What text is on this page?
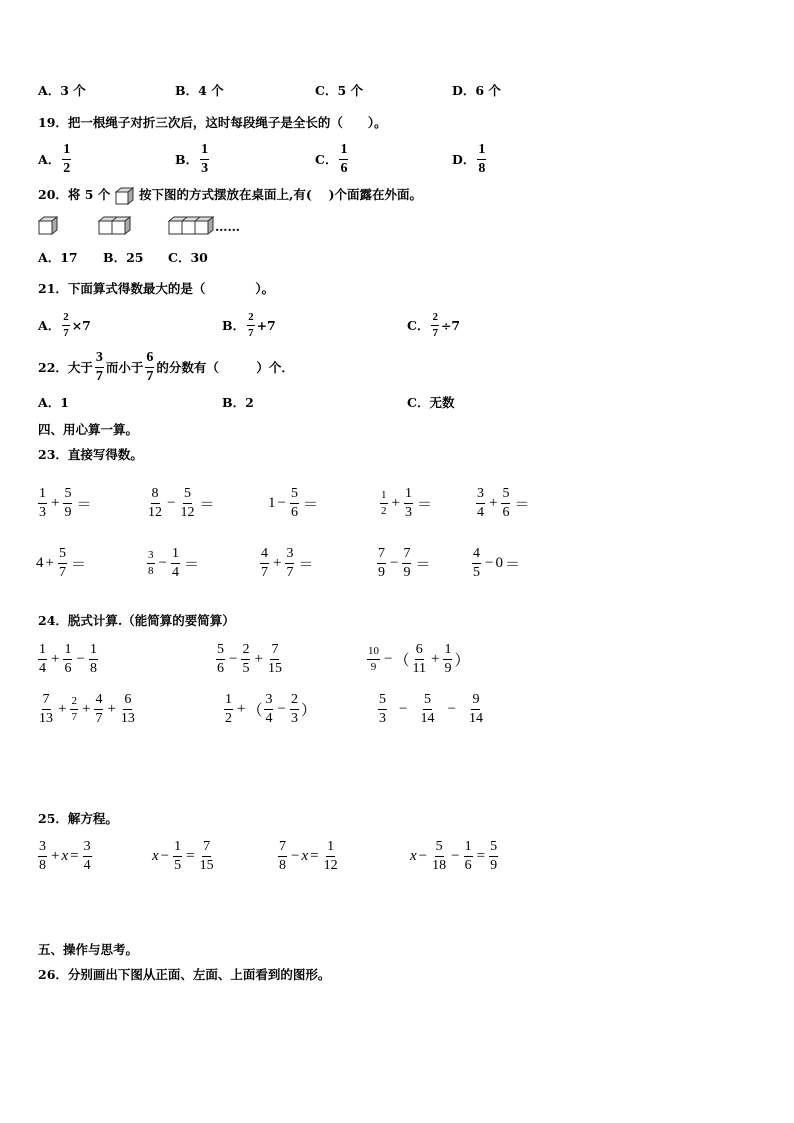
A．3 个	B．4 个	C．5 个	D．6 个
19．把一根绳子对折三次后，这时每段绳子是全长的（　　）。
A． $\frac{1}{2}$	B． $\frac{1}{3}$	C． $\frac{1}{6}$	D． $\frac{1}{8}$
20．将 5 个 按下图的方式摆放在桌面上,有(　 )个面露在外面。
……
A．17 B．25 C．30
21．下面算式得数最大的是（　　　　）。
A． $\frac{2}{7} \times 7$	B． $\frac{2}{7} +7$	C． $\frac{2}{7} \div 7$
22．大于 $\frac{3}{7}$ 而小于 $\frac{6}{7}$ 的分数有（　　　）个．
A．1	B．2	C．无数
四、用心算一算。
23．直接写得数。
$\frac{1}{3} + \frac{5}{9}$ ＝	$\frac{8}{12} - \frac{5}{12}$ ＝	$1 - \frac{5}{6}$ ＝	$\frac{1}{2} + \frac{1}{3}$ ＝	$\frac{3}{4} + \frac{5}{6}$ ＝
$4 + \frac{5}{7}$ ＝	$\frac{3}{8} - \frac{1}{4}$ ＝	$\frac{4}{7} + \frac{3}{7}$ ＝	$\frac{7}{9} - \frac{7}{9}$ ＝	$\frac{4}{5} - 0$ ＝
24．脱式计算.（能简算的要简算）
$\frac{1}{4} + \frac{1}{6} - \frac{1}{8}$	$\frac{5}{6} - \frac{2}{5} + \frac{7}{15}$	$\frac{10}{9}$ − （ $\frac{6}{11} + \frac{1}{9}$ ）
$\frac{7}{13} + \frac{2}{7} + \frac{4}{7} + \frac{6}{13}$	$\frac{1}{2}$ + （ $\frac{3}{4} - \frac{2}{3}$ ）	$\frac{5}{3} - \frac{5}{14} - \frac{9}{14}$
25．解方程。
$\frac{3}{8} + x = \frac{3}{4}$	$x - \frac{1}{5} = \frac{7}{15}$	$\frac{7}{8} - x = \frac{1}{12}$	$x - \frac{5}{18} - \frac{1}{6} = \frac{5}{9}$
五、操作与思考。
26．分别画出下图从正面、左面、上面看到的图形。
